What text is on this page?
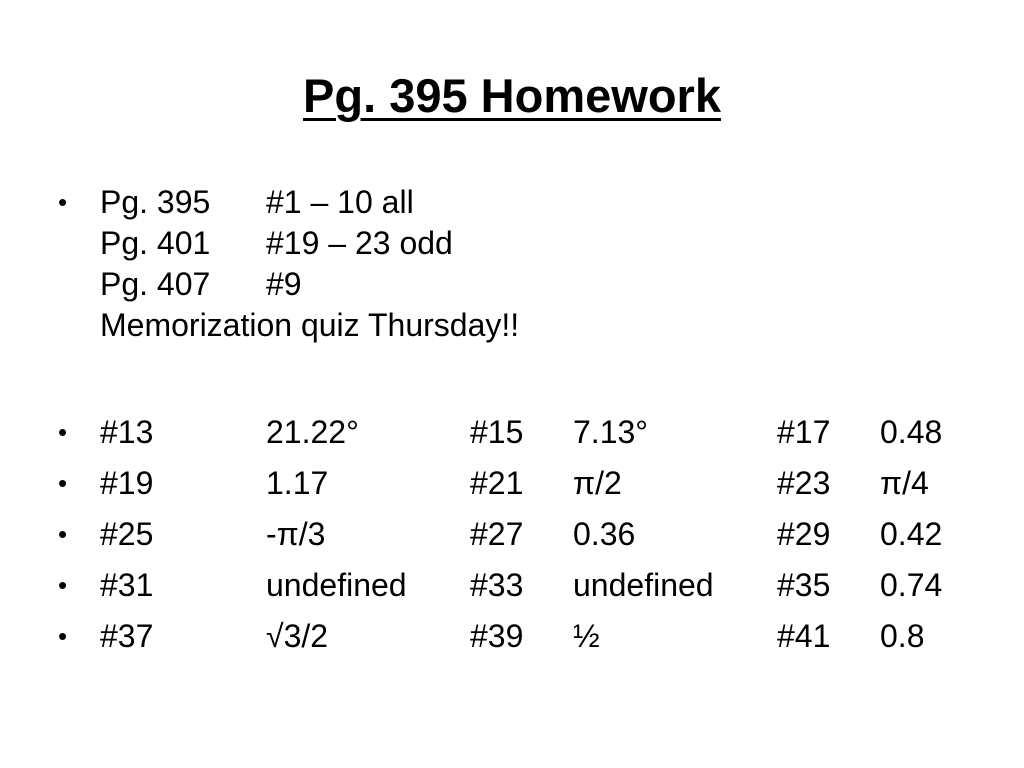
Pg. 395 Homework
•	Pg. 395	#1 – 10 all
Pg. 401	#19 – 23 odd
Pg. 407	#9
Memorization quiz Thursday!!
•	#13	21.22°	#15	7.13°	#17	0.48
•	#19	1.17	#21	π/2	#23	π/4
•	#25	-π/3	#27	0.36	#29	0.42
•	#31	undefined	#33	undefined	#35	0.74
•	#37	√3/2	#39	½	#41	0.8
